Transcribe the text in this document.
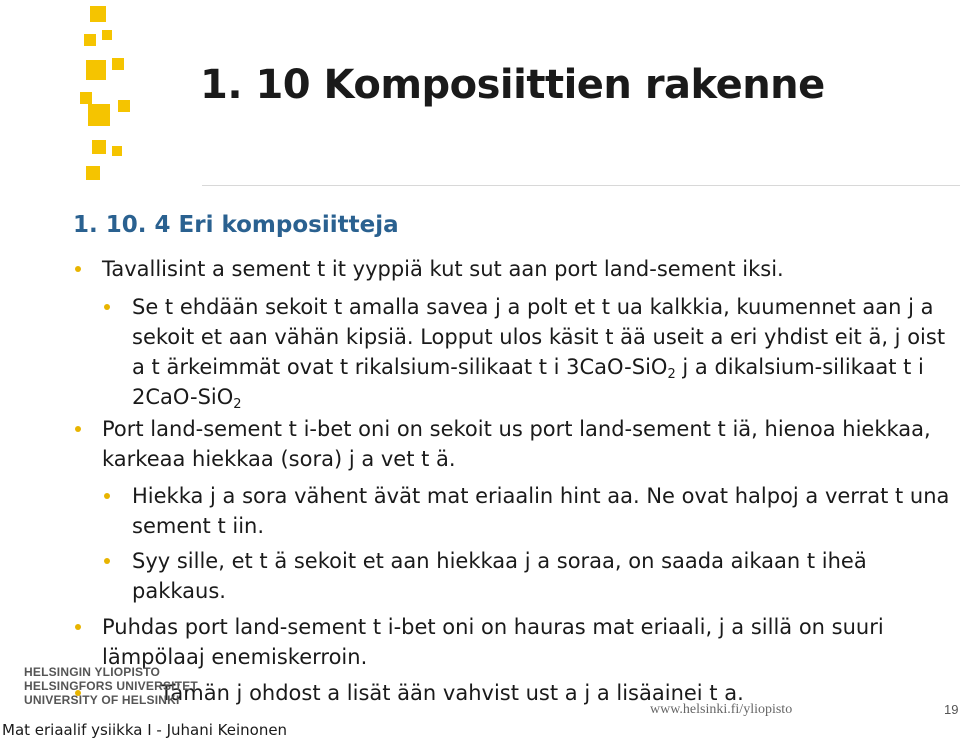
1. 10 Komposiittien rakenne
1. 10. 4 Eri komposiitteja

Tavallisint a sement t it yyppiä kut sut aan port land-sement iksi.

Se t ehdään sekoit t amalla savea j a polt et t ua kalkkia, kuumennet aan j a sekoit et aan vähän kipsiä. Lopput ulos käsit t ää useit a eri yhdist eit ä, j oist a t ärkeimmät ovat t rikalsium-silikaat t i 3CaO-SiO$_2$ j a dikalsium-silikaat t i 2CaO-SiO$_2$

Port land-sement t i-bet oni on sekoit us port land-sement t iä, hienoa hiekkaa, karkeaa hiekkaa (sora) j a vet t ä.

Hiekka j a sora vähent ävät mat eriaalin hint aa. Ne ovat halpoj a verrat t una sement t iin.

Syy sille, et t ä sekoit et aan hiekkaa j a soraa, on saada aikaan t iheä pakkaus.

Puhdas port land-sement t i-bet oni on hauras mat eriaali, j a sillä on suuri lämpölaaj enemiskerroin.

Tämän j ohdost a lisät ään vahvist ust a j a lisäainei t a.

HELSINGIN YLIOPISTO
HELSINGFORS UNIVERSITET
UNIVERSITY OF HELSINKI

Mat eriaalif ysiikka I - Juhani Keinonen

www.helsinki.fi/yliopisto	19
